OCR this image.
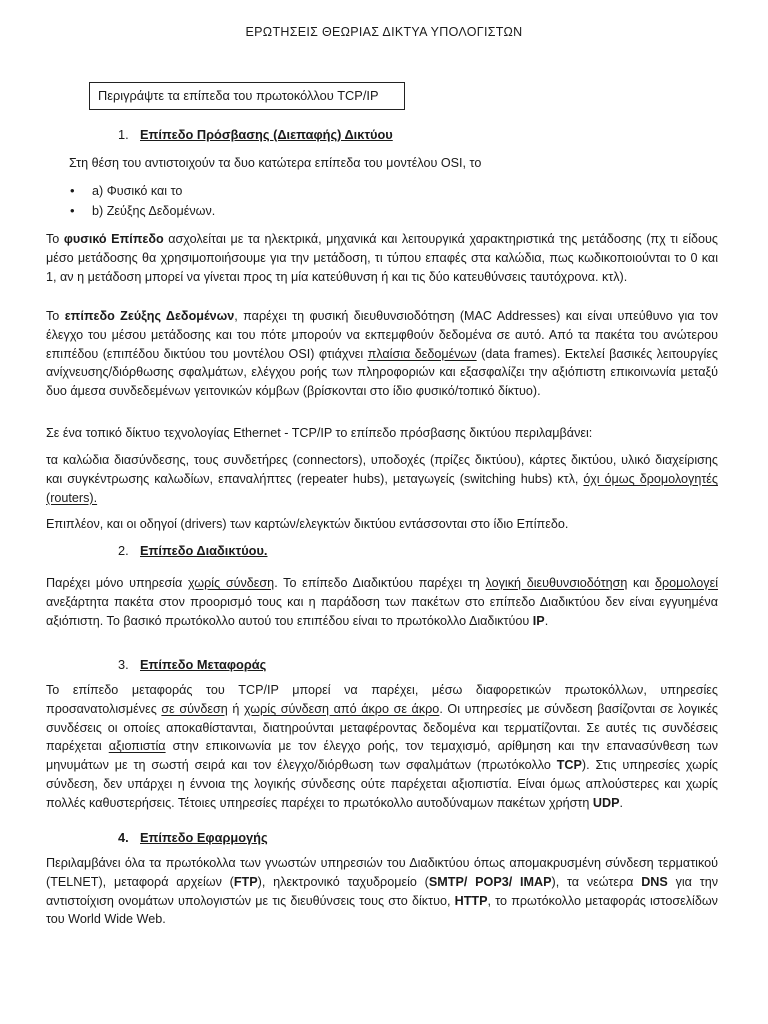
ΕΡΩΤΗΣΕΙΣ ΘΕΩΡΙΑΣ ΔΙΚΤΥΑ ΥΠΟΛΟΓΙΣΤΩΝ
Περιγράψτε τα επίπεδα του πρωτοκόλλου TCP/IP
1. Επίπεδο Πρόσβασης (Διεπαφής) Δικτύου

Στη θέση του αντιστοιχούν τα δυο κατώτερα επίπεδα του μοντέλου OSI, το

• a) Φυσικό και το
• b) Ζεύξης Δεδομένων.

Το φυσικό Επίπεδο ασχολείται με τα ηλεκτρικά, μηχανικά και λειτουργικά χαρακτηριστικά της μετάδοσης (πχ τι είδους μέσο μετάδοσης θα χρησιμοποιήσουμε για την μετάδοση, τι τύπου επαφές στα καλώδια, πως κωδικοποιούνται το 0 και 1, αν η μετάδοση μπορεί να γίνεται προς τη μία κατεύθυνση ή και τις δύο κατευθύνσεις ταυτόχρονα. κτλ).

Το επίπεδο Ζεύξης Δεδομένων, παρέχει τη φυσική διευθυνσιοδότηση (MAC Addresses) και είναι υπεύθυνο για τον έλεγχο του μέσου μετάδοσης και του πότε μπορούν να εκπεμφθούν δεδομένα σε αυτό. Από τα πακέτα του ανώτερου επιπέδου (επιπέδου δικτύου του μοντέλου OSI) φτιάχνει πλαίσια δεδομένων (data frames). Εκτελεί βασικές λειτουργίες ανίχνευσης/διόρθωσης σφαλμάτων, ελέγχου ροής των πληροφοριών και εξασφαλίζει την αξιόπιστη επικοινωνία μεταξύ δυο άμεσα συνδεδεμένων γειτονικών κόμβων (βρίσκονται στο ίδιο φυσικό/τοπικό δίκτυο).

Σε ένα τοπικό δίκτυο τεχνολογίας Ethernet - TCP/IP το επίπεδο πρόσβασης δικτύου περιλαμβάνει:

τα καλώδια διασύνδεσης, τους συνδετήρες (connectors), υποδοχές (πρίζες δικτύου), κάρτες δικτύου, υλικό διαχείρισης και συγκέντρωσης καλωδίων, επαναλήπτες (repeater hubs), μεταγωγείς (switching hubs) κτλ, όχι όμως δρομολογητές (routers).

Επιπλέον, και οι οδηγοί (drivers) των καρτών/ελεγκτών δικτύου εντάσσονται στο ίδιο Επίπεδο.

2. Επίπεδο Διαδικτύου.

Παρέχει μόνο υπηρεσία χωρίς σύνδεση. Το επίπεδο Διαδικτύου παρέχει τη λογική διευθυνσιοδότηση και δρομολογεί ανεξάρτητα πακέτα στον προορισμό τους και η παράδοση των πακέτων στο επίπεδο Διαδικτύου δεν είναι εγγυημένα αξιόπιστη. Το βασικό πρωτόκολλο αυτού του επιπέδου είναι το πρωτόκολλο Διαδικτύου IP.

3. Επίπεδο Μεταφοράς

Το επίπεδο μεταφοράς του TCP/IP μπορεί να παρέχει, μέσω διαφορετικών πρωτοκόλλων, υπηρεσίες προσανατολισμένες σε σύνδεση ή χωρίς σύνδεση από άκρο σε άκρο. Οι υπηρεσίες με σύνδεση βασίζονται σε λογικές συνδέσεις οι οποίες αποκαθίστανται, διατηρούνται μεταφέροντας δεδομένα και τερματίζονται. Σε αυτές τις συνδέσεις παρέχεται αξιοπιστία στην επικοινωνία με τον έλεγχο ροής, τον τεμαχισμό, αρίθμηση και την επανασύνθεση των μηνυμάτων με τη σωστή σειρά και τον έλεγχο/διόρθωση των σφαλμάτων (πρωτόκολλο TCP). Στις υπηρεσίες χωρίς σύνδεση, δεν υπάρχει η έννοια της λογικής σύνδεσης ούτε παρέχεται αξιοπιστία. Είναι όμως απλούστερες και χωρίς πολλές καθυστερήσεις. Τέτοιες υπηρεσίες παρέχει το πρωτόκολλο αυτοδύναμων πακέτων χρήστη UDP.

4. Επίπεδο Εφαρμογής

Περιλαμβάνει όλα τα πρωτόκολλα των γνωστών υπηρεσιών του Διαδικτύου όπως απομακρυσμένη σύνδεση τερματικού (TELNET), μεταφορά αρχείων (FTP), ηλεκτρονικό ταχυδρομείο (SMTP/ POP3/ IMAP), τα νεώτερα DNS για την αντιστοίχιση ονομάτων υπολογιστών με τις διευθύνσεις τους στο δίκτυο, HTTP, το πρωτόκολλο μεταφοράς ιστοσελίδων του World Wide Web.
